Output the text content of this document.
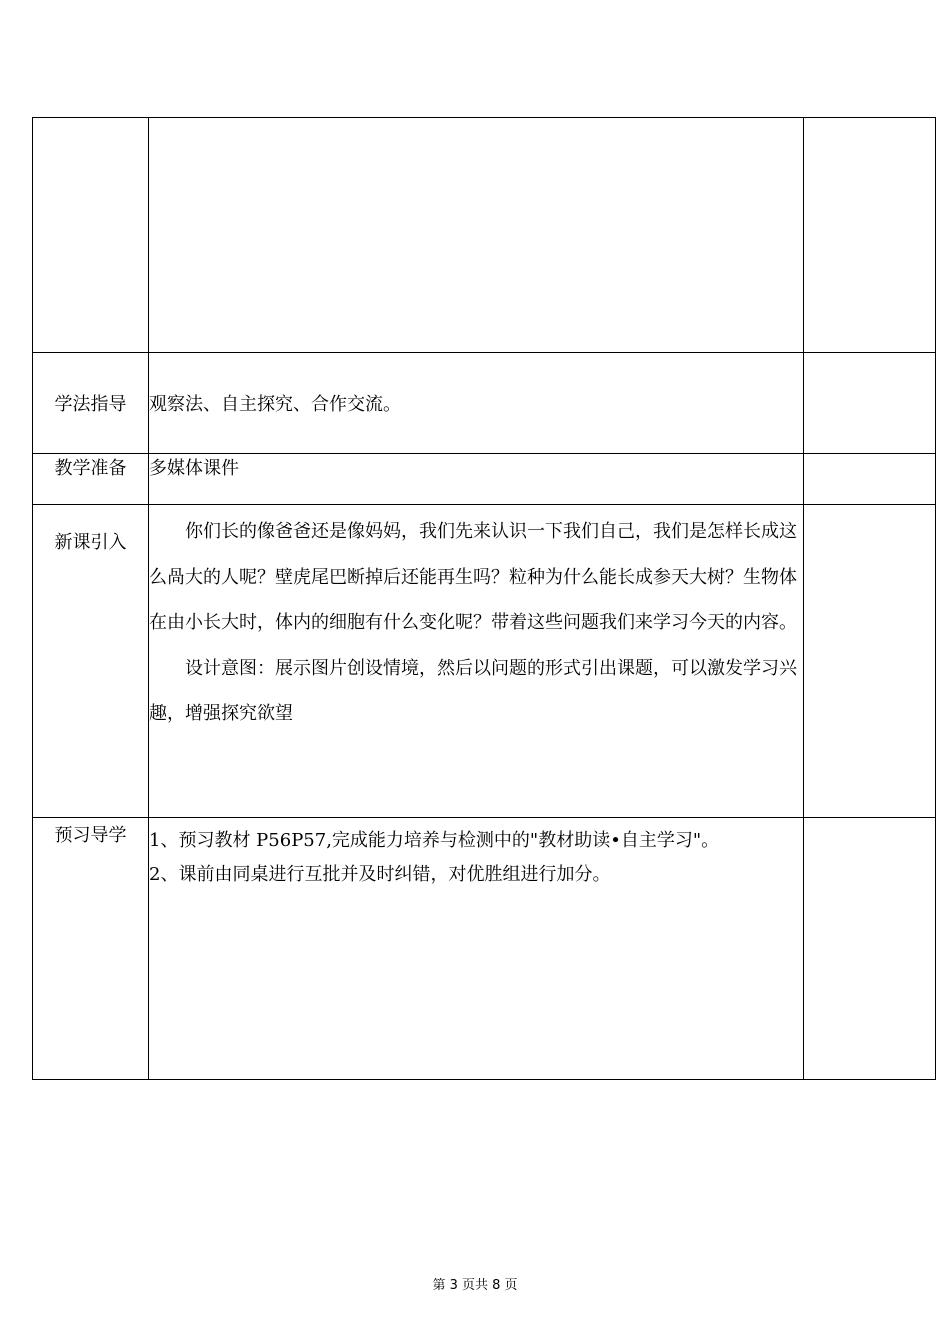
学法指导	观察法、自主探究、合作交流。	
教学准备	多媒体课件	
新课引入	你们长的像爸爸还是像妈妈，我们先来认识一下我们自己，我们是怎样长成这么咼大的人呢？壁虎尾巴断掉后还能再生吗？粒种为什么能长成参天大树？生物体在由小长大时，体内的细胞有什么变化呢？带着这些问题我们来学习今天的内容。

设计意图：展示图片创设情境，然后以问题的形式引出课题，可以激发学习兴趣，增强探究欲望	

预习导学	1、预习教材 P56P57,完成能力培养与检测中的"教材助读•自主学习"。

2、课前由同桌进行互批并及时纠错，对优胜组进行加分。	

第 3 页共 8 页
